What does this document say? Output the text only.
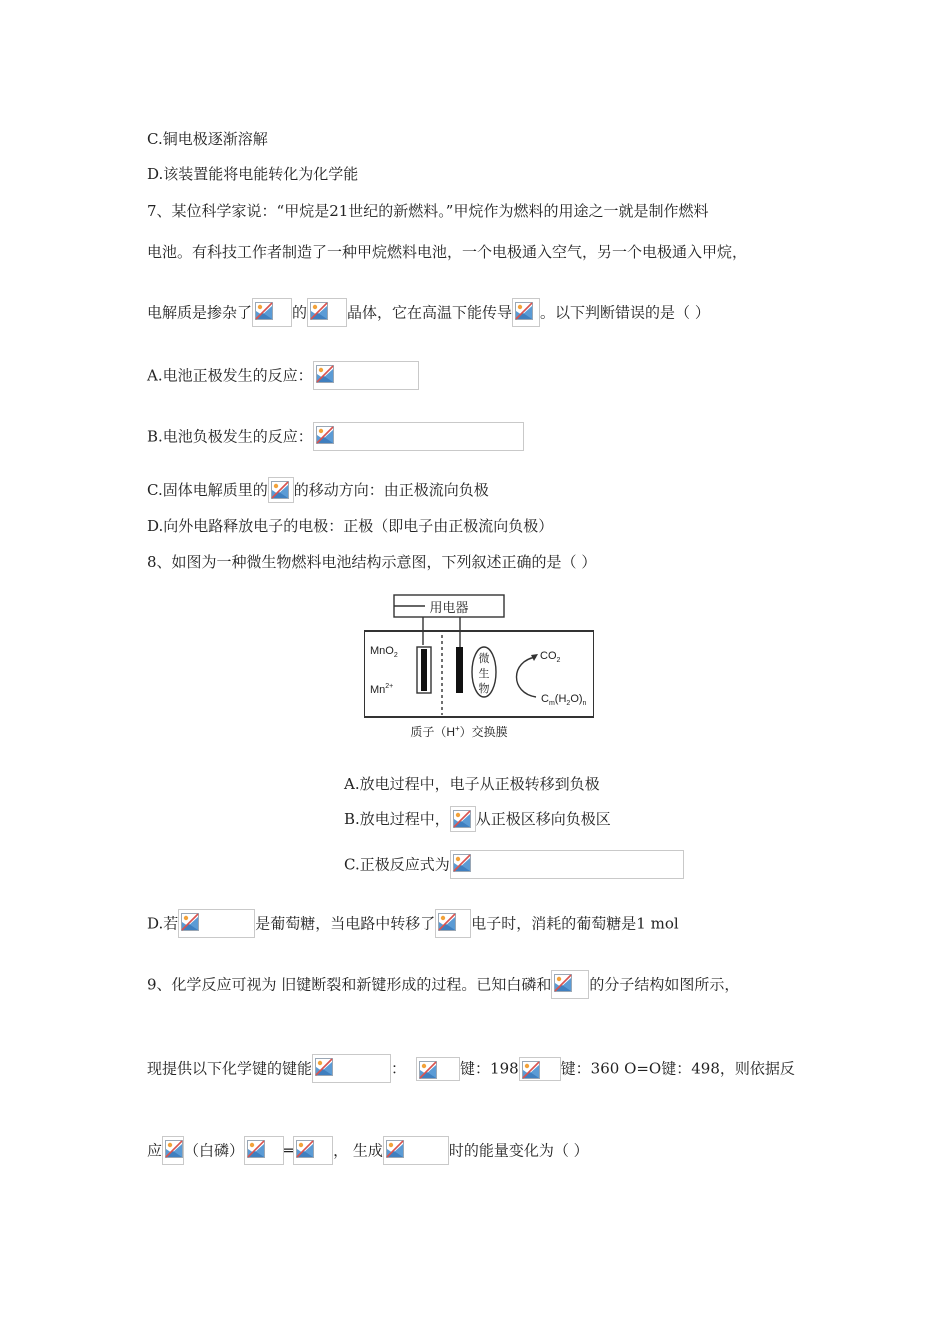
C.铜电极逐渐溶解
D.该装置能将电能转化为化学能
7、某位科学家说：“甲烷是21世纪的新燃料。”甲烷作为燃料的用途之一就是制作燃料
电池。有科技工作者制造了一种甲烷燃料电池，一个电极通入空气，另一个电极通入甲烷，
电解质是掺杂了	的	晶体，它在高温下能传导 。以下判断错误的是（ ）
A.电池正极发生的反应：
B.电池负极发生的反应：
C.固体电解质里的 的移动方向：由正极流向负极
D.向外电路释放电子的电极：正极（即电子由正极流向负极）
8、如图为一种微生物燃料电池结构示意图，下列叙述正确的是（ ）
用电器
MnO$_2$
$Mn^{2+}$
微
生
物
$CO_2$
$C_m(H_2O)_n$
质子（H+）交换膜
A.放电过程中，电子从正极转移到负极
B.放电过程中， 从正极区移向负极区
C.正极反应式为
D.若	是葡萄糖，当电路中转移了 电子时，消耗的葡萄糖是1 mol
9、化学反应可视为 旧键断裂和新键形成的过程。已知白磷和	的分子结构如图所示，
现提供以下化学键的键能	：	键：198	键：360 O=O键：498，则依据反
应 （白磷）	═	， 生成	时的能量变化为（ ）
